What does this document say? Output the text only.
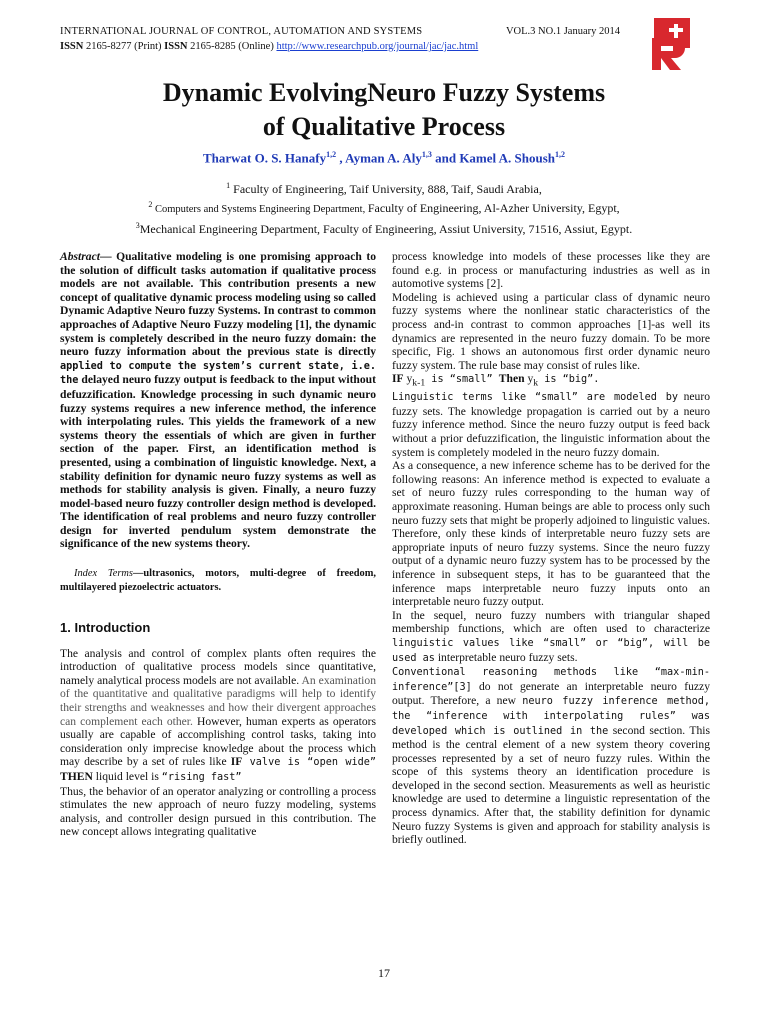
INTERNATIONAL JOURNAL OF CONTROL, AUTOMATION AND SYSTEMS	VOL.3 NO.1 January 2014
ISSN 2165-8277 (Print) ISSN 2165-8285 (Online) http://www.researchpub.org/journal/jac/jac.html
Dynamic EvolvingNeuro Fuzzy Systems
of Qualitative Process
Tharwat O. S. Hanafy$^{1,2}$ , Ayman A. Aly$^{1,3}$ and Kamel A. Shoush$^{1,2}$
$^1$ Faculty of Engineering, Taif University, 888, Taif, Saudi Arabia,
$^2$ Computers and Systems Engineering Department, Faculty of Engineering, Al-Azher University, Egypt,
$^3$Mechanical Engineering Department, Faculty of Engineering, Assiut University, 71516, Assiut, Egypt.

Abstract— Qualitative modeling is one promising approach to the solution of difficult tasks automation if qualitative process models are not available. This contribution presents a new concept of qualitative dynamic process modeling using so called Dynamic Adaptive Neuro fuzzy Systems. In contrast to common approaches of Adaptive Neuro Fuzzy modeling [1], the dynamic system is completely described in the neuro fuzzy domain: the neuro fuzzy information about the previous state is directly applied to compute the system’s current state, i.e. the delayed neuro fuzzy output is feedback to the input without defuzzification. Knowledge processing in such dynamic neuro fuzzy systems requires a new inference method, the inference with interpolating rules. This yields the framework of a new systems theory the essentials of which are given in further section of the paper. First, an identification method is presented, using a combination of linguistic knowledge. Next, a stability definition for dynamic neuro fuzzy systems as well as methods for stability analysis is given. Finally, a neuro fuzzy model-based neuro fuzzy controller design method is developed. The identification of real problems and neuro fuzzy controller design for inverted pendulum system demonstrate the significance of the new systems theory.

Index Terms—ultrasonics, motors, multi-degree of freedom, multilayered piezoelectric actuators.

1. Introduction

The analysis and control of complex plants often requires the introduction of qualitative process models since quantitative, namely analytical process models are not available. An examination of the quantitative and qualitative paradigms will help to identify their strengths and weaknesses and how their divergent approaches can complement each other. However, human experts as operators usually are capable of accomplishing control tasks, taking into consideration only imprecise knowledge about the process which may describe by a set of rules like IF valve is “open wide” THEN liquid level is “rising fast”

Thus, the behavior of an operator analyzing or controlling a process stimulates the new approach of neuro fuzzy modeling, systems analysis, and controller design pursued in this contribution. The new concept allows integrating qualitative

process knowledge into models of these processes like they are found e.g. in process or manufacturing industries as well as in automotive systems [2].

Modeling is achieved using a particular class of dynamic neuro fuzzy systems where the nonlinear static characteristics of the process and-in contrast to common approaches [1]-as well its dynamics are represented in the neuro fuzzy domain. To be more specific, Fig. 1 shows an autonomous first order dynamic neuro fuzzy system. The rule base may consist of rules like.

IF $y_{k-1}$ is “small” Then $y_k$ is “big”.

Linguistic terms like “small” are modeled by neuro fuzzy sets. The knowledge propagation is carried out by a neuro fuzzy inference method. Since the neuro fuzzy output is feed back without a prior defuzzification, the linguistic information about the system is completely modeled in the neuro fuzzy domain.

As a consequence, a new inference scheme has to be derived for the following reasons: An inference method is expected to evaluate a set of neuro fuzzy rules corresponding to the human way of approximate reasoning. Human beings are able to process only such neuro fuzzy sets that might be properly adjoined to linguistic values. Therefore, only these kinds of interpretable neuro fuzzy sets are appropriate inputs of neuro fuzzy systems. Since the neuro fuzzy output of a dynamic neuro fuzzy system has to be processed by the inference in subsequent steps, it has to be guaranteed that the inference maps interpretable neuro fuzzy inputs onto an interpretable neuro fuzzy output.

In the sequel, neuro fuzzy numbers with triangular shaped membership functions, which are often used to characterize linguistic values like “small” or “big”, will be used as interpretable neuro fuzzy sets.

Conventional reasoning methods like “max-min- inference”[3] do not generate an interpretable neuro fuzzy output. Therefore, a new neuro fuzzy inference method, the “inference with interpolating rules” was developed which is outlined in the second section. This method is the central element of a new system theory covering processes represented by a set of neuro fuzzy rules. Within the scope of this systems theory an identification procedure is developed in the second section. Measurements as well as heuristic knowledge are used to determine a linguistic representation of the process dynamics. After that, the stability definition for dynamic Neuro fuzzy Systems is given and approach for stability analysis is briefly outlined.

17
